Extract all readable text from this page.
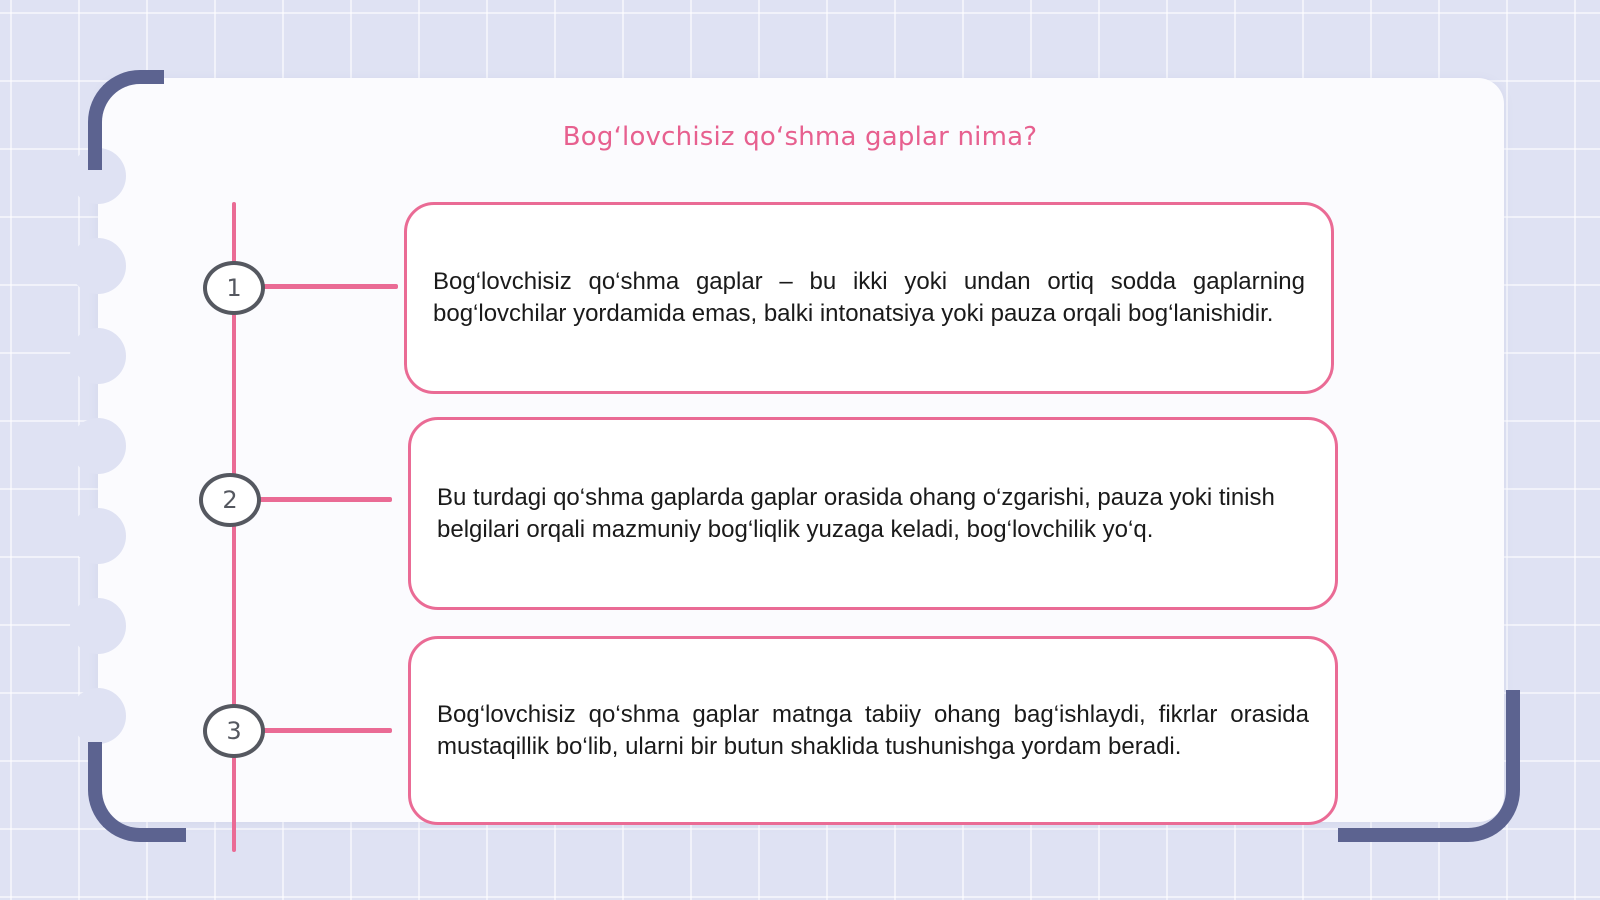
Bogʻlovchisiz qoʻshma gaplar nima?
1	Bog‘lovchisiz qo‘shma gaplar – bu ikki yoki undan ortiq sodda gaplarning bog‘lovchilar yordamida emas, balki intonatsiya yoki pauza orqali bog‘lanishidir.

2	Bu turdagi qo‘shma gaplarda gaplar orasida ohang o‘zgarishi, pauza yoki tinish belgilari orqali mazmuniy bog‘liqlik yuzaga keladi, bog‘lovchilik yo‘q.

3

Bog‘lovchisiz qo‘shma gaplar matnga tabiiy ohang bag‘ishlaydi, fikrlar orasida mustaqillik bo‘lib, ularni bir butun shaklida tushunishga yordam beradi.
